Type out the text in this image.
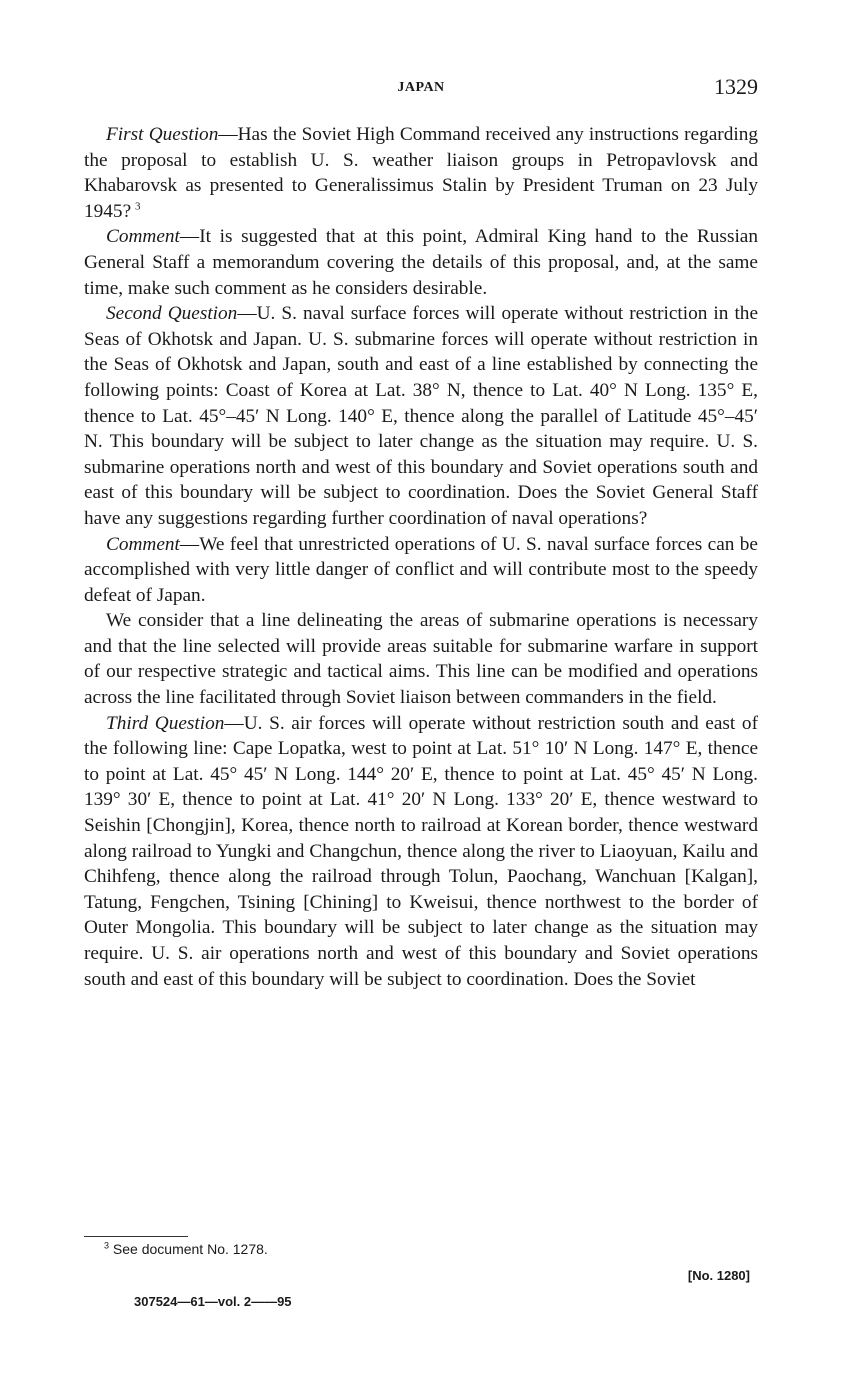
JAPAN	1329

First Question—Has the Soviet High Command received any instructions regarding the proposal to establish U. S. weather liaison groups in Petropavlovsk and Khabarovsk as presented to Generalissimus Stalin by President Truman on 23 July 1945?  $^3$

Comment—It is suggested that at this point, Admiral King hand to the Russian General Staff a memorandum covering the details of this proposal, and, at the same time, make such comment as he considers desirable.

Second Question—U. S. naval surface forces will operate without restriction in the Seas of Okhotsk and Japan. U. S. submarine forces will operate without restriction in the Seas of Okhotsk and Japan, south and east of a line established by connecting the following points: Coast of Korea at Lat. 38° N, thence to Lat. 40° N Long. 135° E, thence to Lat. 45°–45′ N Long. 140° E, thence along the parallel of Latitude 45°–45′ N. This boundary will be subject to later change as the situation may require. U. S. submarine operations north and west of this boundary and Soviet operations south and east of this boundary will be subject to coordination. Does the Soviet General Staff have any suggestions regarding further coordination of naval operations?

Comment—We feel that unrestricted operations of U. S. naval surface forces can be accomplished with very little danger of conflict and will contribute most to the speedy defeat of Japan.

We consider that a line delineating the areas of submarine operations is necessary and that the line selected will provide areas suitable for submarine warfare in support of our respective strategic and tactical aims. This line can be modified and operations across the line facilitated through Soviet liaison between commanders in the field.

Third Question—U. S. air forces will operate without restriction south and east of the following line: Cape Lopatka, west to point at Lat. 51° 10′ N Long. 147° E, thence to point at Lat. 45° 45′ N Long. 144° 20′ E, thence to point at Lat. 45° 45′ N Long. 139° 30′ E, thence to point at Lat. 41° 20′ N Long. 133° 20′ E, thence westward to Seishin [Chongjin], Korea, thence north to railroad at Korean border, thence westward along railroad to Yungki and Changchun, thence along the river to Liaoyuan, Kailu and Chihfeng, thence along the railroad through Tolun, Paochang, Wanchuan [Kalgan], Tatung, Fengchen, Tsining [Chining] to Kweisui, thence northwest to the border of Outer Mongolia. This boundary will be subject to later change as the situation may require. U. S. air operations north and west of this boundary and Soviet operations south and east of this boundary will be subject to coordination. Does the Soviet

$^3$ See document No. 1278.
[No. 1280]
307524—61—vol. 2——95
